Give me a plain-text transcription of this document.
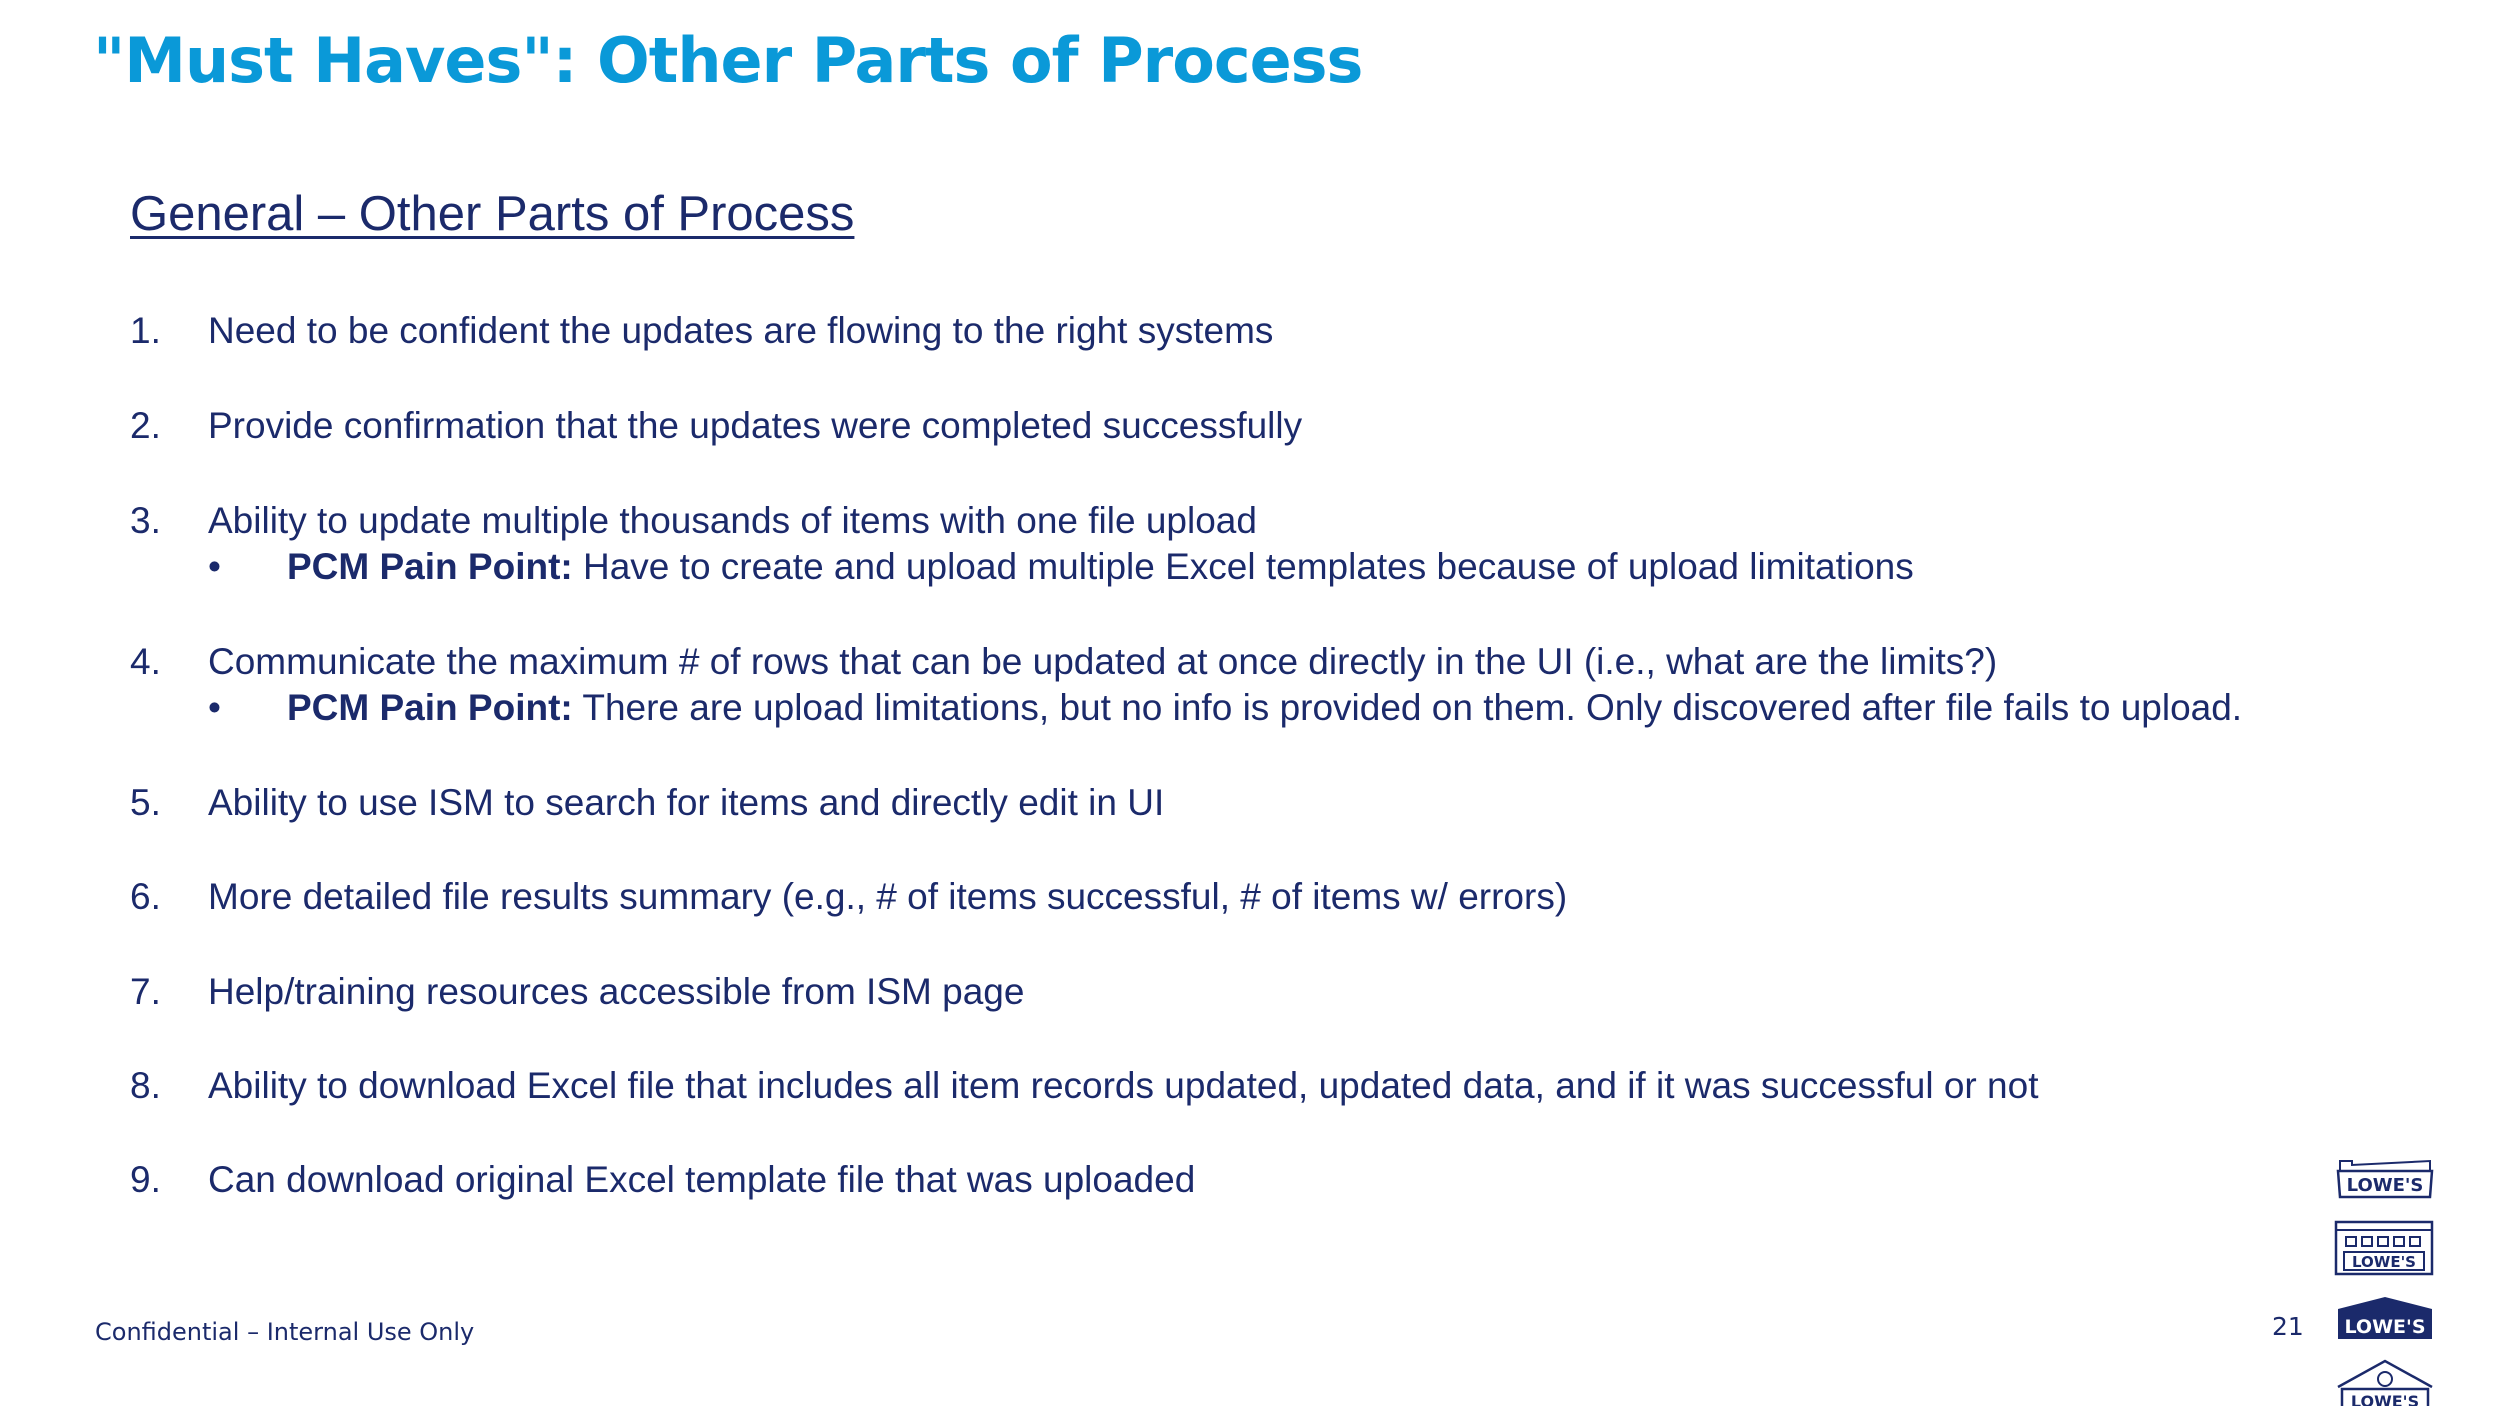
"Must Haves": Other Parts of Process
General – Other Parts of Process
1.	Need to be confident the updates are flowing to the right systems
2.	Provide confirmation that the updates were completed successfully
3.	Ability to update multiple thousands of items with one file upload
• PCM Pain Point: Have to create and upload multiple Excel templates because of upload limitations
4.	Communicate the maximum # of rows that can be updated at once directly in the UI (i.e., what are the limits?)
• PCM Pain Point: There are upload limitations, but no info is provided on them. Only discovered after file fails to upload.
5.	Ability to use ISM to search for items and directly edit in UI
6.	More detailed file results summary (e.g., # of items successful, # of items w/ errors)
7.	Help/training resources accessible from ISM page
8.	Ability to download Excel file that includes all item records updated, updated data, and if it was successful or not
9.	Can download original Excel template file that was uploaded
Confidential – Internal Use Only	21
LOWE'S
LOWE'S
LOWE'S
LOWE'S
